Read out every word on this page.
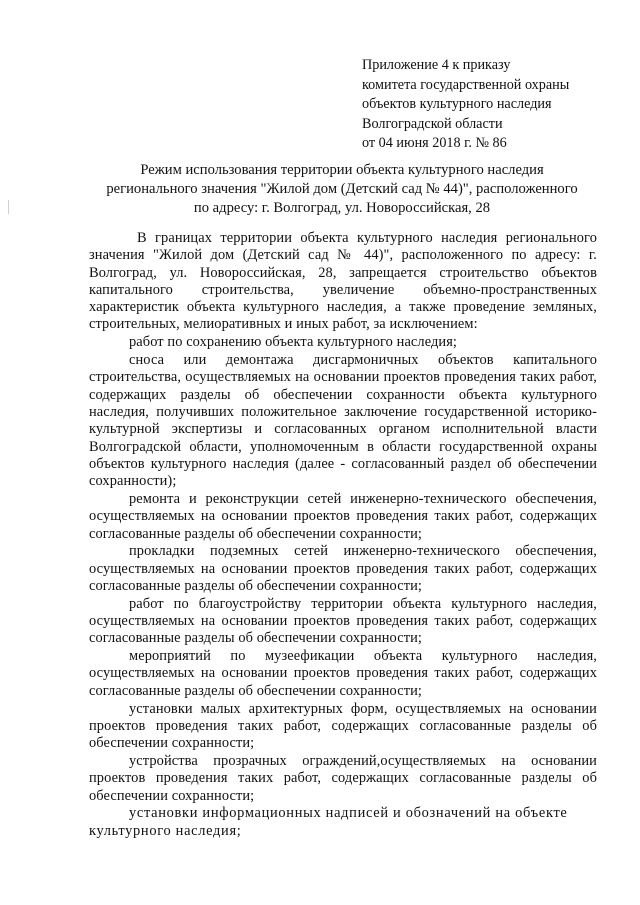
Приложение 4 к приказу
комитета государственной охраны
объектов культурного наследия
Волгоградской области
от 04 июня 2018 г. № 86
Режим использования территории объекта культурного наследия
регионального значения "Жилой дом (Детский сад № 44)", расположенного
по адресу: г. Волгоград, ул. Новороссийская, 28

В границах территории объекта культурного наследия регионального значения "Жилой дом (Детский сад № 44)", расположенного по адресу: г. Волгоград, ул. Новороссийская, 28, запрещается строительство объектов капитального строительства, увеличение объемно-пространственных характеристик объекта культурного наследия, а также проведение земляных, строительных, мелиоративных и иных работ, за исключением:

работ по сохранению объекта культурного наследия;

сноса или демонтажа дисгармоничных объектов капитального строительства, осуществляемых на основании проектов проведения таких работ, содержащих разделы об обеспечении сохранности объекта культурного наследия, получивших положительное заключение государственной историко-культурной экспертизы и согласованных органом исполнительной власти Волгоградской области, уполномоченным в области государственной охраны объектов культурного наследия (далее - согласованный раздел об обеспечении сохранности);

ремонта и реконструкции сетей инженерно-технического обеспечения, осуществляемых на основании проектов проведения таких работ, содержащих согласованные разделы об обеспечении сохранности;

прокладки подземных сетей инженерно-технического обеспечения, осуществляемых на основании проектов проведения таких работ, содержащих согласованные разделы об обеспечении сохранности;

работ по благоустройству территории объекта культурного наследия, осуществляемых на основании проектов проведения таких работ, содержащих согласованные разделы об обеспечении сохранности;

мероприятий по музеефикации объекта культурного наследия, осуществляемых на основании проектов проведения таких работ, содержащих согласованные разделы об обеспечении сохранности;

установки малых архитектурных форм, осуществляемых на основании проектов проведения таких работ, содержащих согласованные разделы об обеспечении сохранности;

устройства прозрачных ограждений,осуществляемых на основании проектов проведения таких работ, содержащих согласованные разделы об обеспечении сохранности;

установки информационных надписей и обозначений на объекте культурного наследия;
